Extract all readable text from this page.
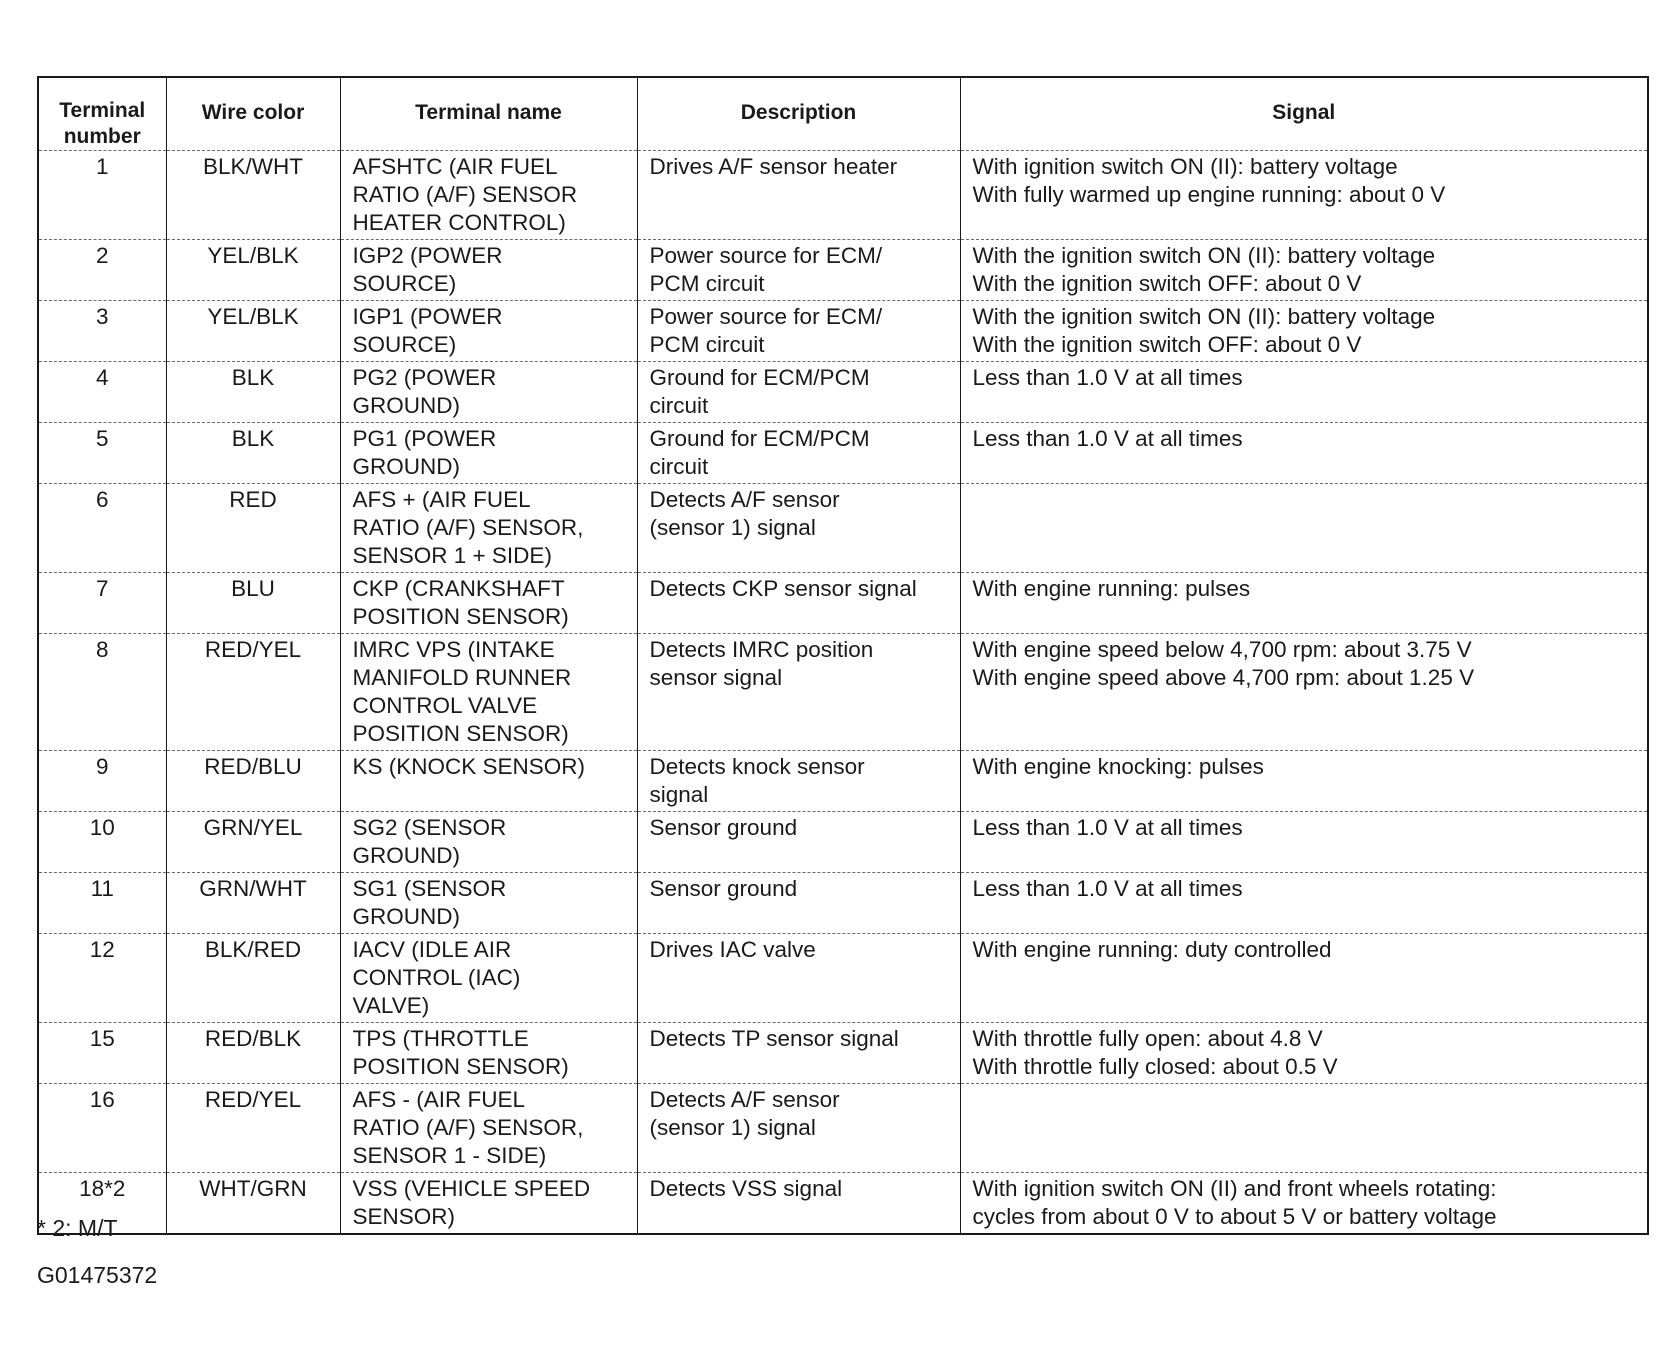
Terminal number	Wire color	Terminal name	Description	Signal
1	BLK/WHT	AFSHTC (AIR FUEL
RATIO (A/F) SENSOR
HEATER CONTROL)	Drives A/F sensor heater	With ignition switch ON (II): battery voltage
With fully warmed up engine running: about 0 V

2	YEL/BLK	IGP2 (POWER
SOURCE)	Power source for ECM/
PCM circuit	With the ignition switch ON (II): battery voltage
With the ignition switch OFF: about 0 V

3	YEL/BLK	IGP1 (POWER
SOURCE)	Power source for ECM/
PCM circuit	With the ignition switch ON (II): battery voltage
With the ignition switch OFF: about 0 V

4	BLK	PG2 (POWER
GROUND)	Ground for ECM/PCM
circuit	Less than 1.0 V at all times

5	BLK	PG1 (POWER
GROUND)	Ground for ECM/PCM
circuit	Less than 1.0 V at all times

6	RED	AFS + (AIR FUEL
RATIO (A/F) SENSOR,
SENSOR 1 + SIDE)	Detects A/F sensor
(sensor 1) signal	

7	BLU	CKP (CRANKSHAFT
POSITION SENSOR)	Detects CKP sensor signal	With engine running: pulses

8	RED/YEL	IMRC VPS (INTAKE
MANIFOLD RUNNER
CONTROL VALVE
POSITION SENSOR)	Detects IMRC position
sensor signal	With engine speed below 4,700 rpm: about 3.75 V
With engine speed above 4,700 rpm: about 1.25 V

9	RED/BLU	KS (KNOCK SENSOR)	Detects knock sensor
signal	With engine knocking: pulses

10	GRN/YEL	SG2 (SENSOR
GROUND)	Sensor ground	Less than 1.0 V at all times

11	GRN/WHT	SG1 (SENSOR
GROUND)	Sensor ground	Less than 1.0 V at all times

12	BLK/RED	IACV (IDLE AIR
CONTROL (IAC)
VALVE)	Drives IAC valve	With engine running: duty controlled

15	RED/BLK	TPS (THROTTLE
POSITION SENSOR)	Detects TP sensor signal	With throttle fully open: about 4.8 V
With throttle fully closed: about 0.5 V

16	RED/YEL	AFS - (AIR FUEL
RATIO (A/F) SENSOR,
SENSOR 1 - SIDE)	Detects A/F sensor
(sensor 1) signal	

18*2	WHT/GRN	VSS (VEHICLE SPEED
SENSOR)	Detects VSS signal	With ignition switch ON (II) and front wheels rotating:
cycles from about 0 V to about 5 V or battery voltage
* 2: M/T
G01475372
